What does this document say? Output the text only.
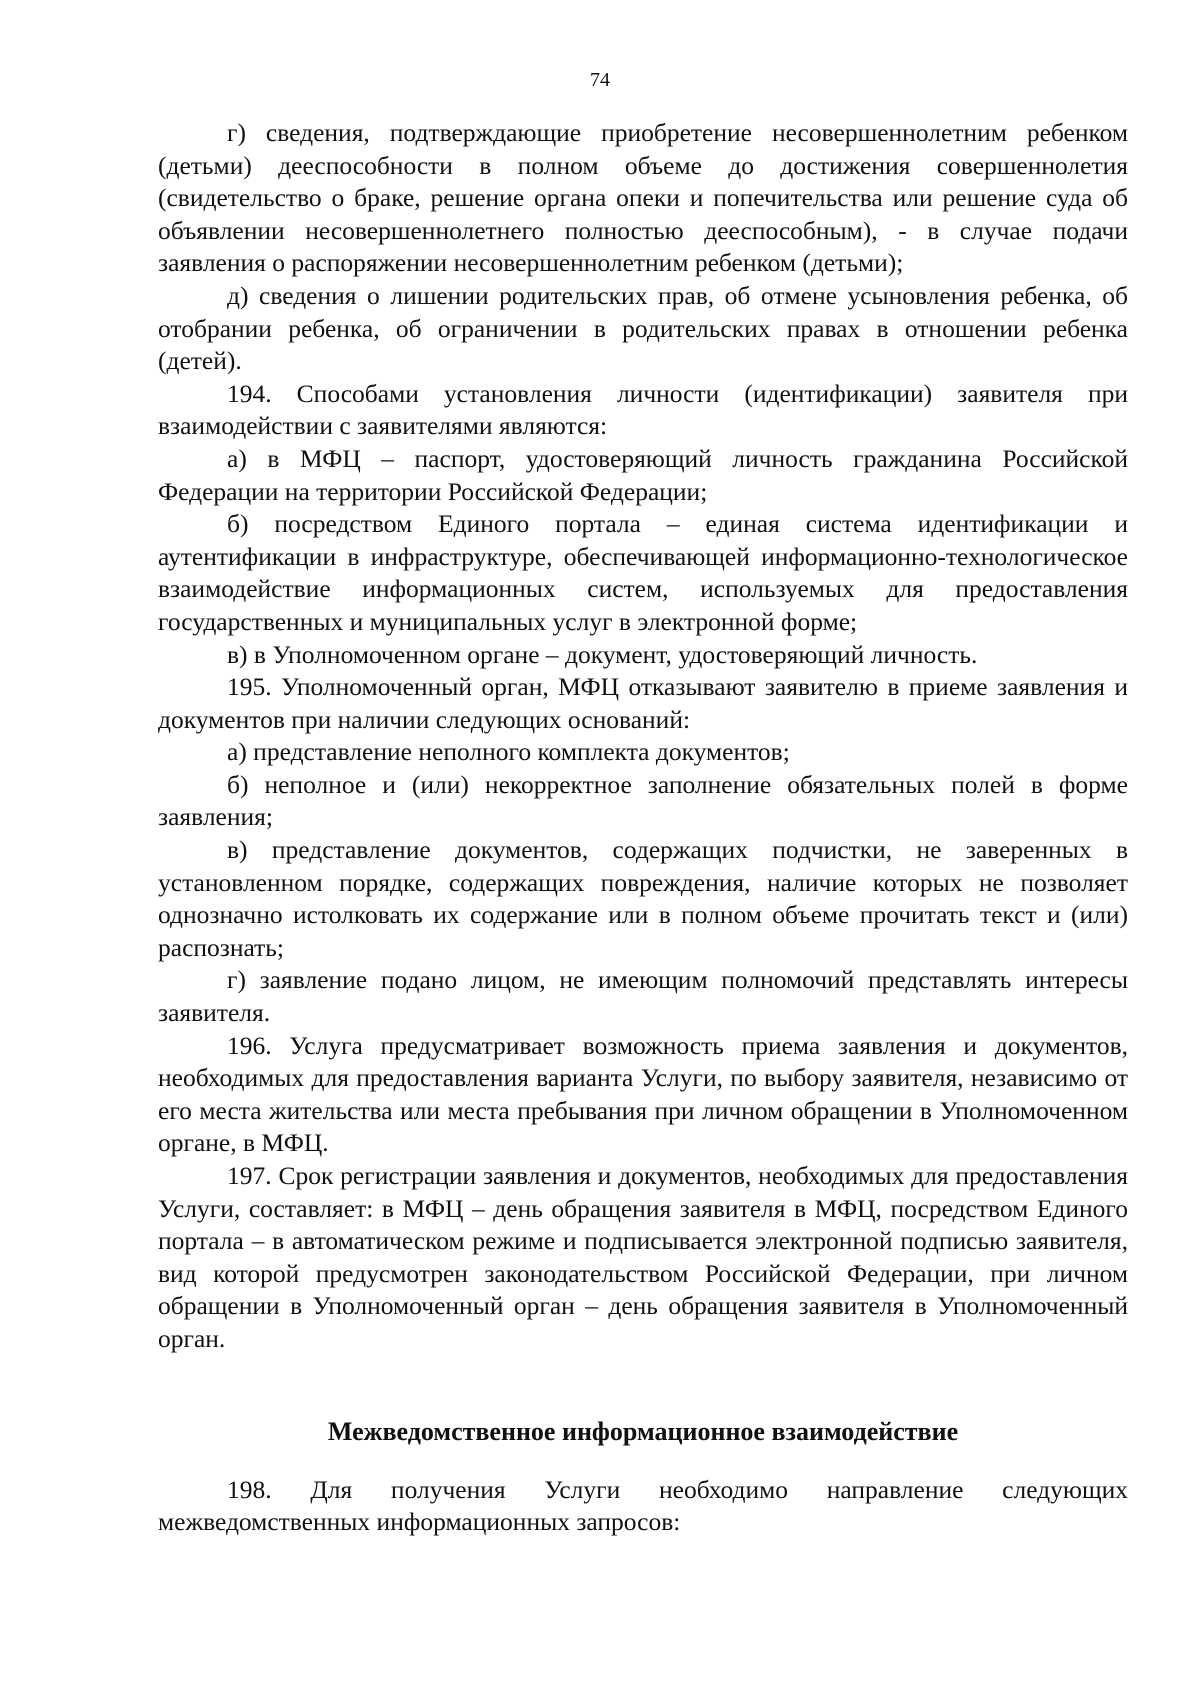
74

г) сведения, подтверждающие приобретение несовершеннолетним ребенком (детьми) дееспособности в полном объеме до достижения совершеннолетия (свидетельство о браке, решение органа опеки и попечительства или решение суда об объявлении несовершеннолетнего полностью дееспособным), - в случае подачи заявления о распоряжении несовершеннолетним ребенком (детьми);

д) сведения о лишении родительских прав, об отмене усыновления ребенка, об отобрании ребенка, об ограничении в родительских правах в отношении ребенка (детей).

194. Способами установления личности (идентификации) заявителя при взаимодействии с заявителями являются:

а) в МФЦ – паспорт, удостоверяющий личность гражданина Российской Федерации на территории Российской Федерации;

б) посредством Единого портала – единая система идентификации и аутентификации в инфраструктуре, обеспечивающей информационно-технологическое взаимодействие информационных систем, используемых для предоставления государственных и муниципальных услуг в электронной форме;

в) в Уполномоченном органе – документ, удостоверяющий личность.

195. Уполномоченный орган, МФЦ отказывают заявителю в приеме заявления и документов при наличии следующих оснований:

а) представление неполного комплекта документов;

б) неполное и (или) некорректное заполнение обязательных полей в форме заявления;

в) представление документов, содержащих подчистки, не заверенных в установленном порядке, содержащих повреждения, наличие которых не позволяет однозначно истолковать их содержание или в полном объеме прочитать текст и (или) распознать;

г) заявление подано лицом, не имеющим полномочий представлять интересы заявителя.

196. Услуга предусматривает возможность приема заявления и документов, необходимых для предоставления варианта Услуги, по выбору заявителя, независимо от его места жительства или места пребывания при личном обращении в Уполномоченном органе, в МФЦ.

197. Срок регистрации заявления и документов, необходимых для предоставления Услуги, составляет: в МФЦ – день обращения заявителя в МФЦ, посредством Единого портала – в автоматическом режиме и подписывается электронной подписью заявителя, вид которой предусмотрен законодательством Российской Федерации, при личном обращении в Уполномоченный орган – день обращения заявителя в Уполномоченный орган.

Межведомственное информационное взаимодействие

198. Для получения Услуги необходимо направление следующих межведомственных информационных запросов:
